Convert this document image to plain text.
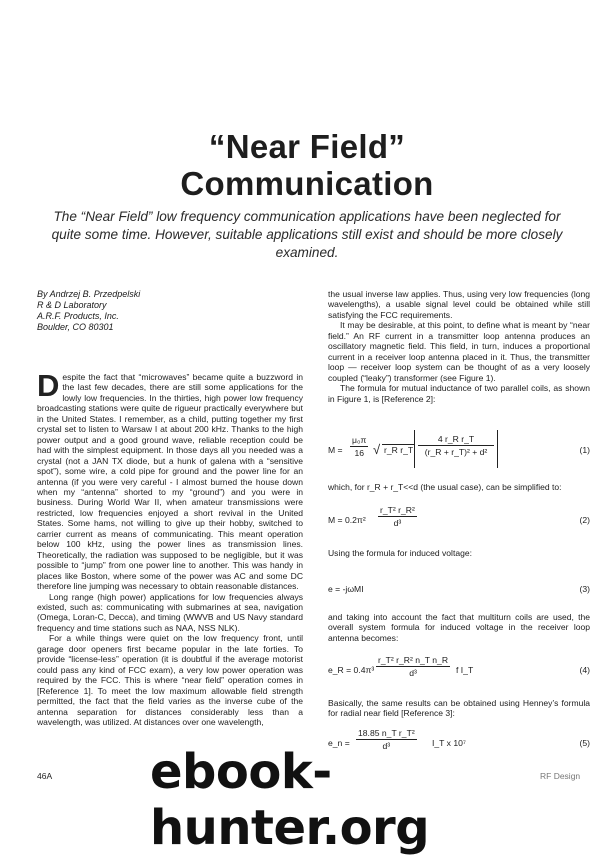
“Near Field”
Communication
The “Near Field” low frequency communication applications have been neglected for quite some time. However, suitable applications still exist and should be more closely examined.
By Andrzej B. Przedpelski
R & D Laboratory
A.R.F. Products, Inc.
Boulder, CO 80301

Despite the fact that “microwaves” became quite a buzzword in the last few decades, there are still some applications for the lowly low frequencies. In the thirties, high power low frequency broadcasting stations were quite de rigueur practically everywhere but in the United States. I remember, as a child, putting together my first crystal set to listen to Warsaw I at about 200 kHz. Thanks to the high power output and a good ground wave, reliable reception could be had with the simplest equipment. In those days all you needed was a crystal (not a JAN TX diode, but a hunk of galena with a “sensitive spot”), some wire, a cold pipe for ground and the power line for an antenna (if you were very careful - I almost burned the house down when my “antenna” shorted to my “ground”) and you were in business. During World War II, when amateur transmissions were restricted, low frequencies enjoyed a short revival in the United States. Some hams, not willing to give up their hobby, switched to carrier current as means of communicating. This meant operation below 100 kHz, using the power lines as transmission lines. Theoretically, the radiation was supposed to be negligible, but it was possible to “jump” from one power line to another. This was handy in places like Boston, where some of the power was AC and some DC therefore line jumping was necessary to obtain reasonable distances.

Long range (high power) applications for low frequencies always existed, such as: communicating with submarines at sea, navigation (Omega, Loran-C, Decca), and timing (WWVB and US Navy standard frequency and time stations such as NAA, NSS NLK).

For a while things were quiet on the low frequency front, until garage door openers first became popular in the late forties. To provide “license-less” operation (it is doubtful if the average motorist could pass any kind of FCC exam), a very low power operation was required by the FCC. This is where “near field” operation comes in [Reference 1]. To meet the low maximum allowable field strength permitted, the fact that the field varies as the inverse cube of the antenna separation for distances considerably less than a wavelength, was utilized. At distances over one wavelength,

the usual inverse law applies. Thus, using very low frequencies (long wavelengths), a usable signal level could be obtained while still satisfying the FCC requirements.

It may be desirable, at this point, to define what is meant by “near field.” An RF current in a transmitter loop antenna produces an oscillatory magnetic field. This field, in turn, induces a proportional current in a receiver loop antenna placed in it. Thus, the transmitter loop — receiver loop system can be thought of as a very loosely coupled (“leaky”) transformer (see Figure 1).

The formula for mutual inductance of two parallel coils, as shown in Figure 1, is [Reference 2]:

$M = \frac{\text{μ₀π}}{16}$ √ r_R r_T $\frac{\text{4 r\_R r\_T}}{\text{(r\_R + r\_T)² + d²}}$	(1)
which, for r_R + r_T<<d (the usual case), can be simplified to:
$M = 0.2\pi^2 \frac{\text{r\_T² r\_R²}}{\text{d³}}$	(2)
Using the formula for induced voltage:
e = -jωMI	(3)
and taking into account the fact that multiturn coils are used, the overall system formula for induced voltage in the receiver loop antenna becomes:
e_R = $0.4\pi^3 \frac{\text{r\_T² r\_R² n\_T n\_R}}{\text{d³}}$ f I_T	(4)
Basically, the same results can be obtained using Henney’s formula for radial near field [Reference 3]:
e_n = $\frac{\text{18.85 n\_T r\_T²}}{\text{d³}}$ I_T x 10⁷	(5)
46A	RF Design
ebook-hunter.org
